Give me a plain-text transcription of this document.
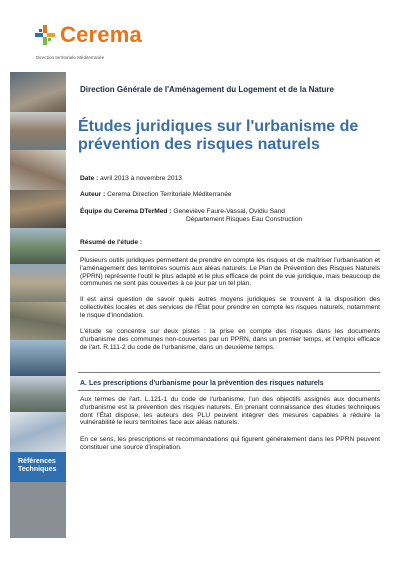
Cerema
Direction territoriale Méditerranée
Références
Techniques
Direction Générale de l'Aménagement du Logement et de la Nature
Études juridiques sur l'urbanisme de prévention des risques naturels
Date : avril 2013 à novembre 2013
Auteur : Cerema Direction Territoriale Méditerranée
Équipe du Cerema DTerMed : Geneviève Faure-Vassal, Ovidiu Sand
Département Risques Eau Construction
Résumé de l'étude :
Plusieurs outils juridiques permettent de prendre en compte les risques et de maîtriser l'urbanisation et l'aménagement des territoires soumis aux aléas naturels. Le Plan de Prévention des Risques Naturels (PPRN) représente l'outil le plus adapté et le plus efficace de point de vue juridique, mais beaucoup de communes ne sont pas couvertes à ce jour par un tel plan.
Il est ainsi question de savoir quels autres moyens juridiques se trouvent à la disposition des collectivités locales et des services de l'État pour prendre en compte les risques naturels, notamment le risque d'inondation.
L'étude se concentre sur deux pistes : la prise en compte des risques dans les documents d'urbanisme des communes non-couvertes par un PPRN, dans un premier temps, et l'emploi efficace de l'art. R.111-2 du code de l'urbanisme, dans un deuxième temps.
A. Les prescriptions d'urbanisme pour la prévention des risques naturels
Aux termes de l'art. L.121-1 du code de l'urbanisme, l'un des objectifs assignés aux documents d'urbanisme est la prévention des risques naturels. En prenant connaissance des études techniques dont l'État dispose, les auteurs des PLU peuvent intégrer des mesures capables à réduire la vulnérabilité le leurs territoires face aux aléas naturels.
En ce sens, les prescriptions et recommandations qui figurent généralement dans les PPRN peuvent constituer une source d'inspiration.
